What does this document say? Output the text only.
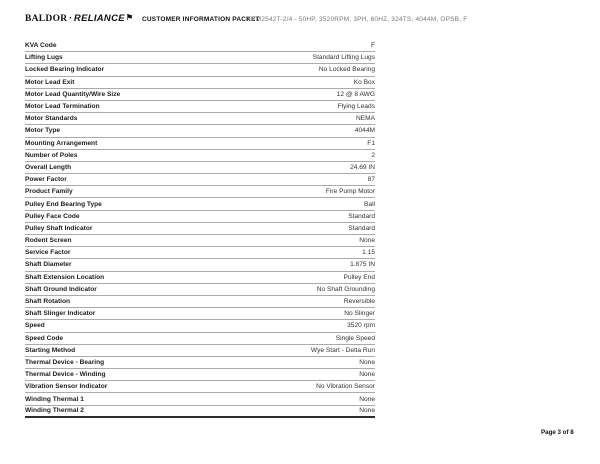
BALDOR · RELIANCE ⚑ CUSTOMER INFORMATION PACKET
FPM2542T-2/4 - 50HP, 3520RPM, 3PH, 60HZ, 324TS, 4044M, OPSB, F
KVA Code	F
Lifting Lugs	Standard Lifting Lugs
Locked Bearing Indicator	No Locked Bearing
Motor Lead Exit	Ko Box
Motor Lead Quantity/Wire Size	12 @ 8 AWG
Motor Lead Termination	Flying Leads
Motor Standards	NEMA
Motor Type	4044M
Mounting Arrangement	F1
Number of Poles	2
Overall Length	24.69 IN
Power Factor	87
Product Family	Fire Pump Motor
Pulley End Bearing Type	Ball
Pulley Face Code	Standard
Pulley Shaft Indicator	Standard
Rodent Screen	None
Service Factor	1.15
Shaft Diameter	1.875 IN
Shaft Extension Location	Pulley End
Shaft Ground Indicator	No Shaft Grounding
Shaft Rotation	Reversible
Shaft Slinger Indicator	No Slinger
Speed	3520 rpm
Speed Code	Single Speed
Starting Method	Wye Start - Delta Run
Thermal Device - Bearing	None
Thermal Device - Winding	None
Vibration Sensor Indicator	No Vibration Sensor
Winding Thermal 1	None
Winding Thermal 2	None
Page 3 of 8
